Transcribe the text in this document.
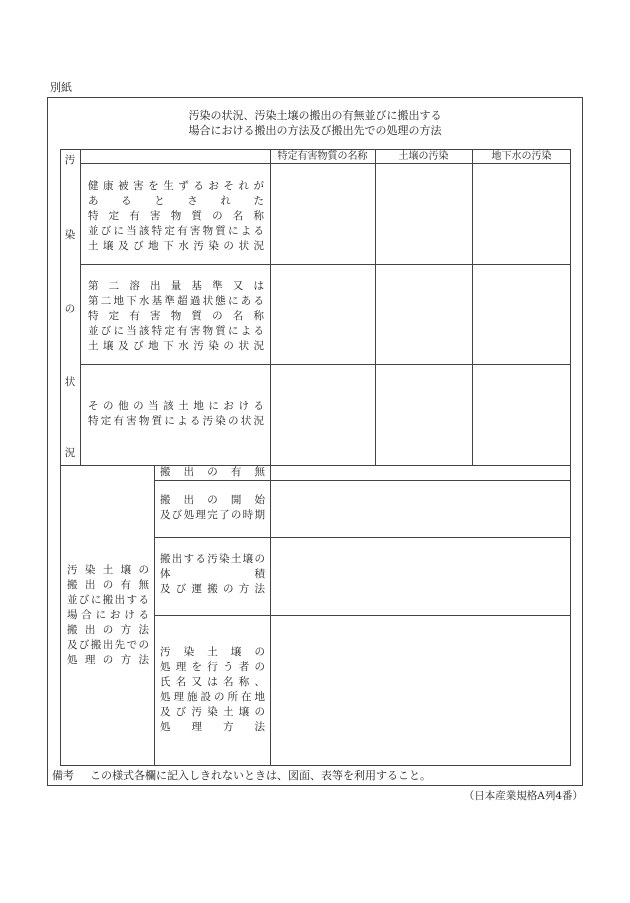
別紙
汚染の状況、汚染土壌の搬出の有無並びに搬出する
場合における搬出の方法及び搬出先での処理の方法
汚
染
の
状
況
特定有害物質の名称	土壌の汚染	地下水の汚染
健康被害を生ずるおそれが
あ　る　と　さ　れ　た
特定有害物質の名称
並びに当該特定有害物質による
土壌及び地下水汚染の状況
第二溶出量基準又は
第二地下水基準超過状態にある
特定有害物質の名称
並びに当該特定有害物質による
土壌及び地下水汚染の状況
その他の当該土地における
特定有害物質による汚染の状況
汚染土壌の
搬出の有無
並びに搬出する
場合における
搬出の方法
及び搬出先での
処理の方法
搬出の有無
搬出の開始
及び処理完了の時期
搬出する汚染土壌の
体　　　　積
及び運搬の方法
汚染土壌の
処理を行う者の
氏名又は名称、
処理施設の所在地
及び汚染土壌の
処理方法
備考 この様式各欄に記入しきれないときは、図面、表等を利用すること。
（日本産業規格A列4番）
